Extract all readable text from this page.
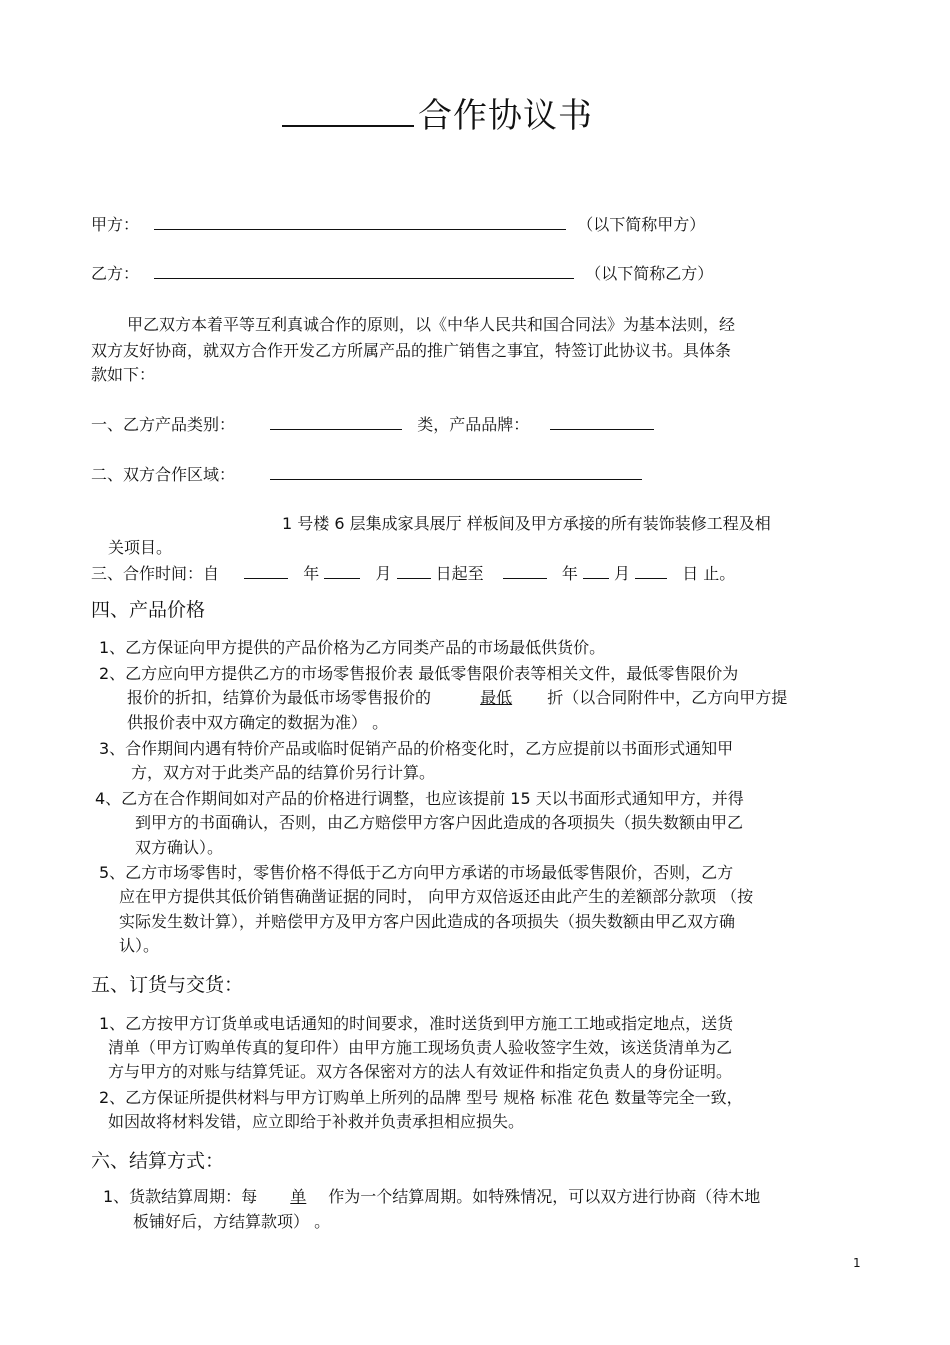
合作协议书
甲方：	（以下简称甲方）
乙方：	（以下简称乙方）
甲乙双方本着平等互利真诚合作的原则，以《中华人民共和国合同法》为基本法则，经
双方友好协商，就双方合作开发乙方所属产品的推广销售之事宜，特签订此协议书。具体条
款如下：
一、乙方产品类别：	类，产品品牌：
二、双方合作区域：
1 号楼 6 层集成家具展厅 样板间及甲方承接的所有装饰装修工程及相
关项目。
三、合作时间：自	年	月	日起至	年 月	日 止。
四、产品价格
1、乙方保证向甲方提供的产品价格为乙方同类产品的市场最低供货价。
2、乙方应向甲方提供乙方的市场零售报价表 最低零售限价表等相关文件，最低零售限价为
报价的折扣，结算价为最低市场零售报价的	最低 折（以合同附件中，乙方向甲方提
供报价表中双方确定的数据为准） 。
3、合作期间内遇有特价产品或临时促销产品的价格变化时，乙方应提前以书面形式通知甲
方，双方对于此类产品的结算价另行计算。
4、乙方在合作期间如对产品的价格进行调整，也应该提前 15 天以书面形式通知甲方，并得
到甲方的书面确认，否则，由乙方赔偿甲方客户因此造成的各项损失（损失数额由甲乙
双方确认）。
5、乙方市场零售时，零售价格不得低于乙方向甲方承诺的市场最低零售限价，否则，乙方
应在甲方提供其低价销售确凿证据的同时， 向甲方双倍返还由此产生的差额部分款项 （按
实际发生数计算），并赔偿甲方及甲方客户因此造成的各项损失（损失数额由甲乙双方确
认）。
五、订货与交货：
1、乙方按甲方订货单或电话通知的时间要求，准时送货到甲方施工工地或指定地点，送货
清单（甲方订购单传真的复印件）由甲方施工现场负责人验收签字生效，该送货清单为乙
方与甲方的对账与结算凭证。双方各保密对方的法人有效证件和指定负责人的身份证明。
2、乙方保证所提供材料与甲方订购单上所列的品牌 型号 规格 标准 花色 数量等完全一致，
如因故将材料发错，应立即给于补救并负责承担相应损失。
六、结算方式：
1、货款结算周期：每 单 作为一个结算周期。如特殊情况，可以双方进行协商（待木地
板铺好后，方结算款项） 。
1
